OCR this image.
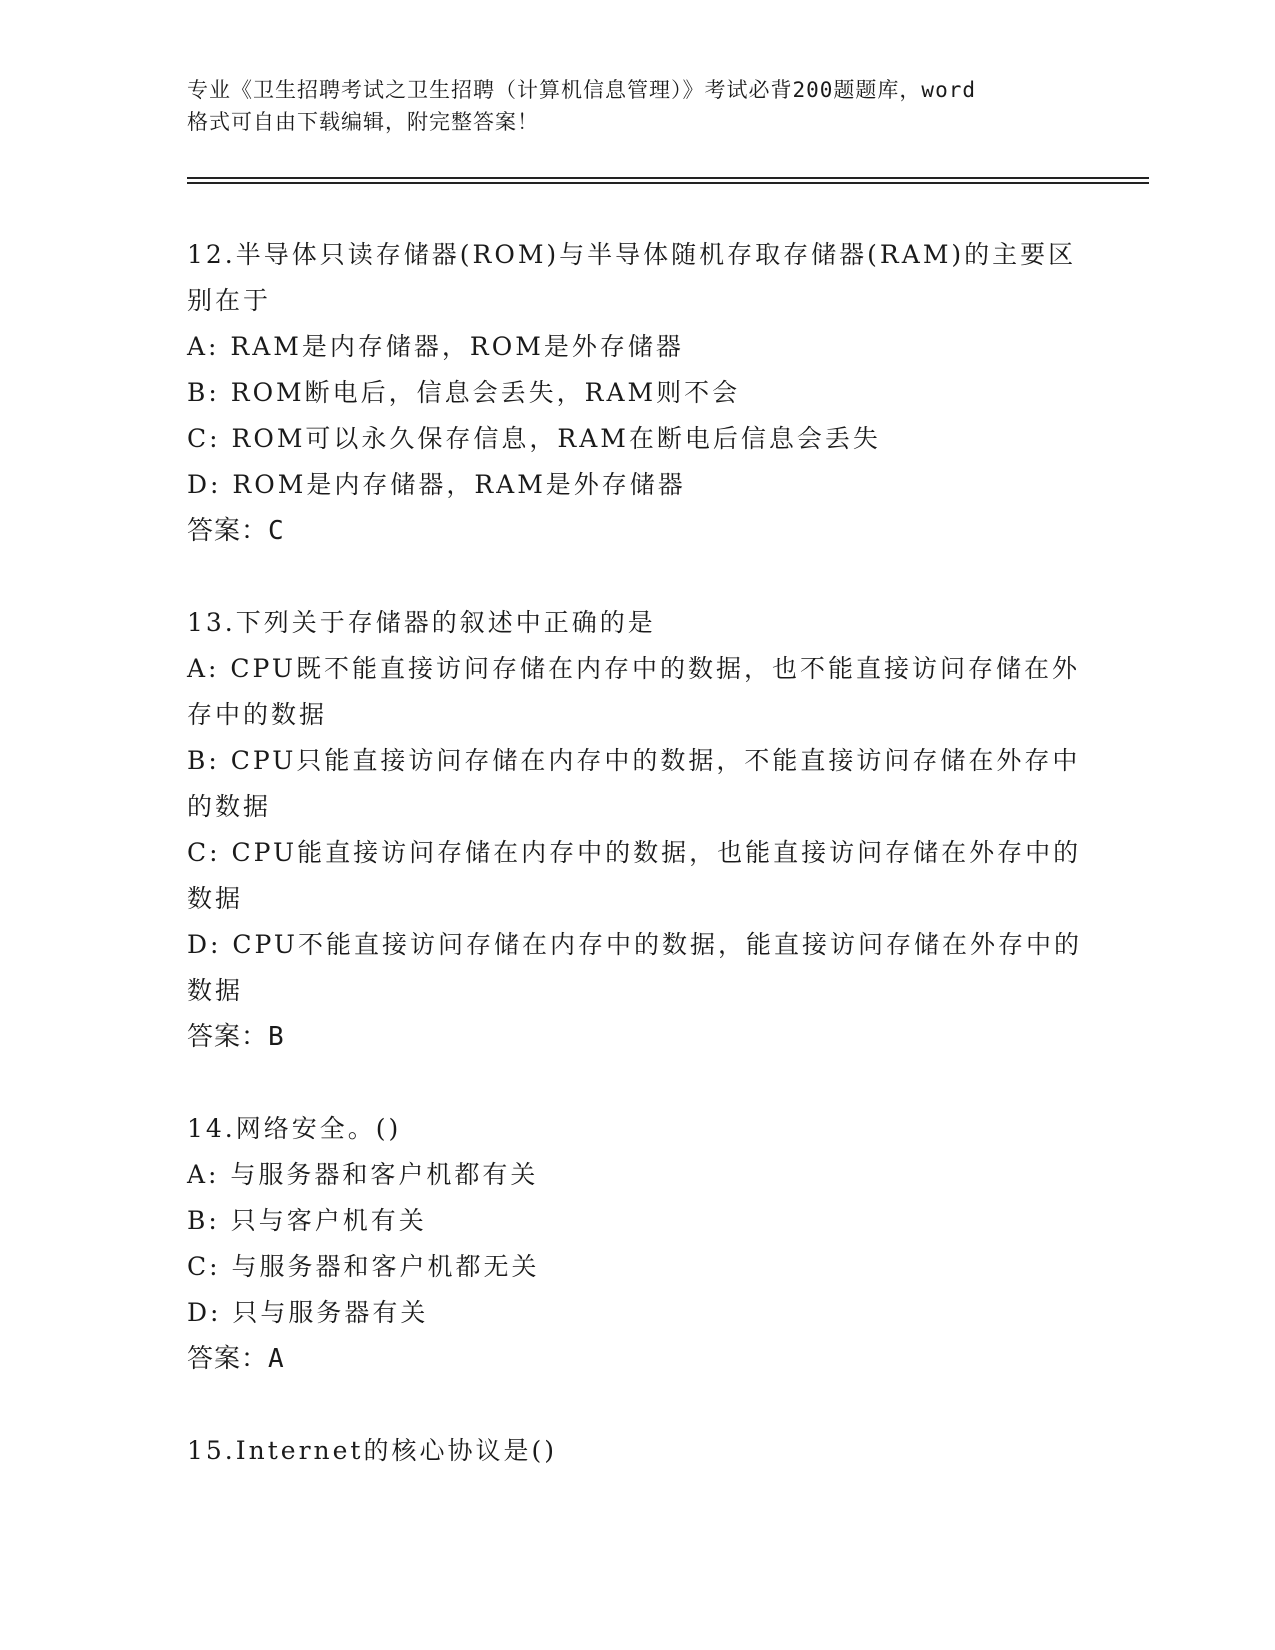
专业《卫生招聘考试之卫生招聘（计算机信息管理）》考试必背200题题库，word
格式可自由下载编辑，附完整答案！

12.半导体只读存储器(ROM)与半导体随机存取存储器(RAM)的主要区别在于

A: RAM是内存储器，ROM是外存储器

B: ROM断电后，信息会丢失，RAM则不会

C: ROM可以永久保存信息，RAM在断电后信息会丢失

D: ROM是内存储器，RAM是外存储器

答案：C

13.下列关于存储器的叙述中正确的是

A: CPU既不能直接访问存储在内存中的数据，也不能直接访问存储在外存中的数据

B: CPU只能直接访问存储在内存中的数据，不能直接访问存储在外存中的数据

C: CPU能直接访问存储在内存中的数据，也能直接访问存储在外存中的数据

D: CPU不能直接访问存储在内存中的数据，能直接访问存储在外存中的数据

答案：B

14.网络安全。()

A: 与服务器和客户机都有关

B: 只与客户机有关

C: 与服务器和客户机都无关

D: 只与服务器有关

答案：A

15.Internet的核心协议是()
